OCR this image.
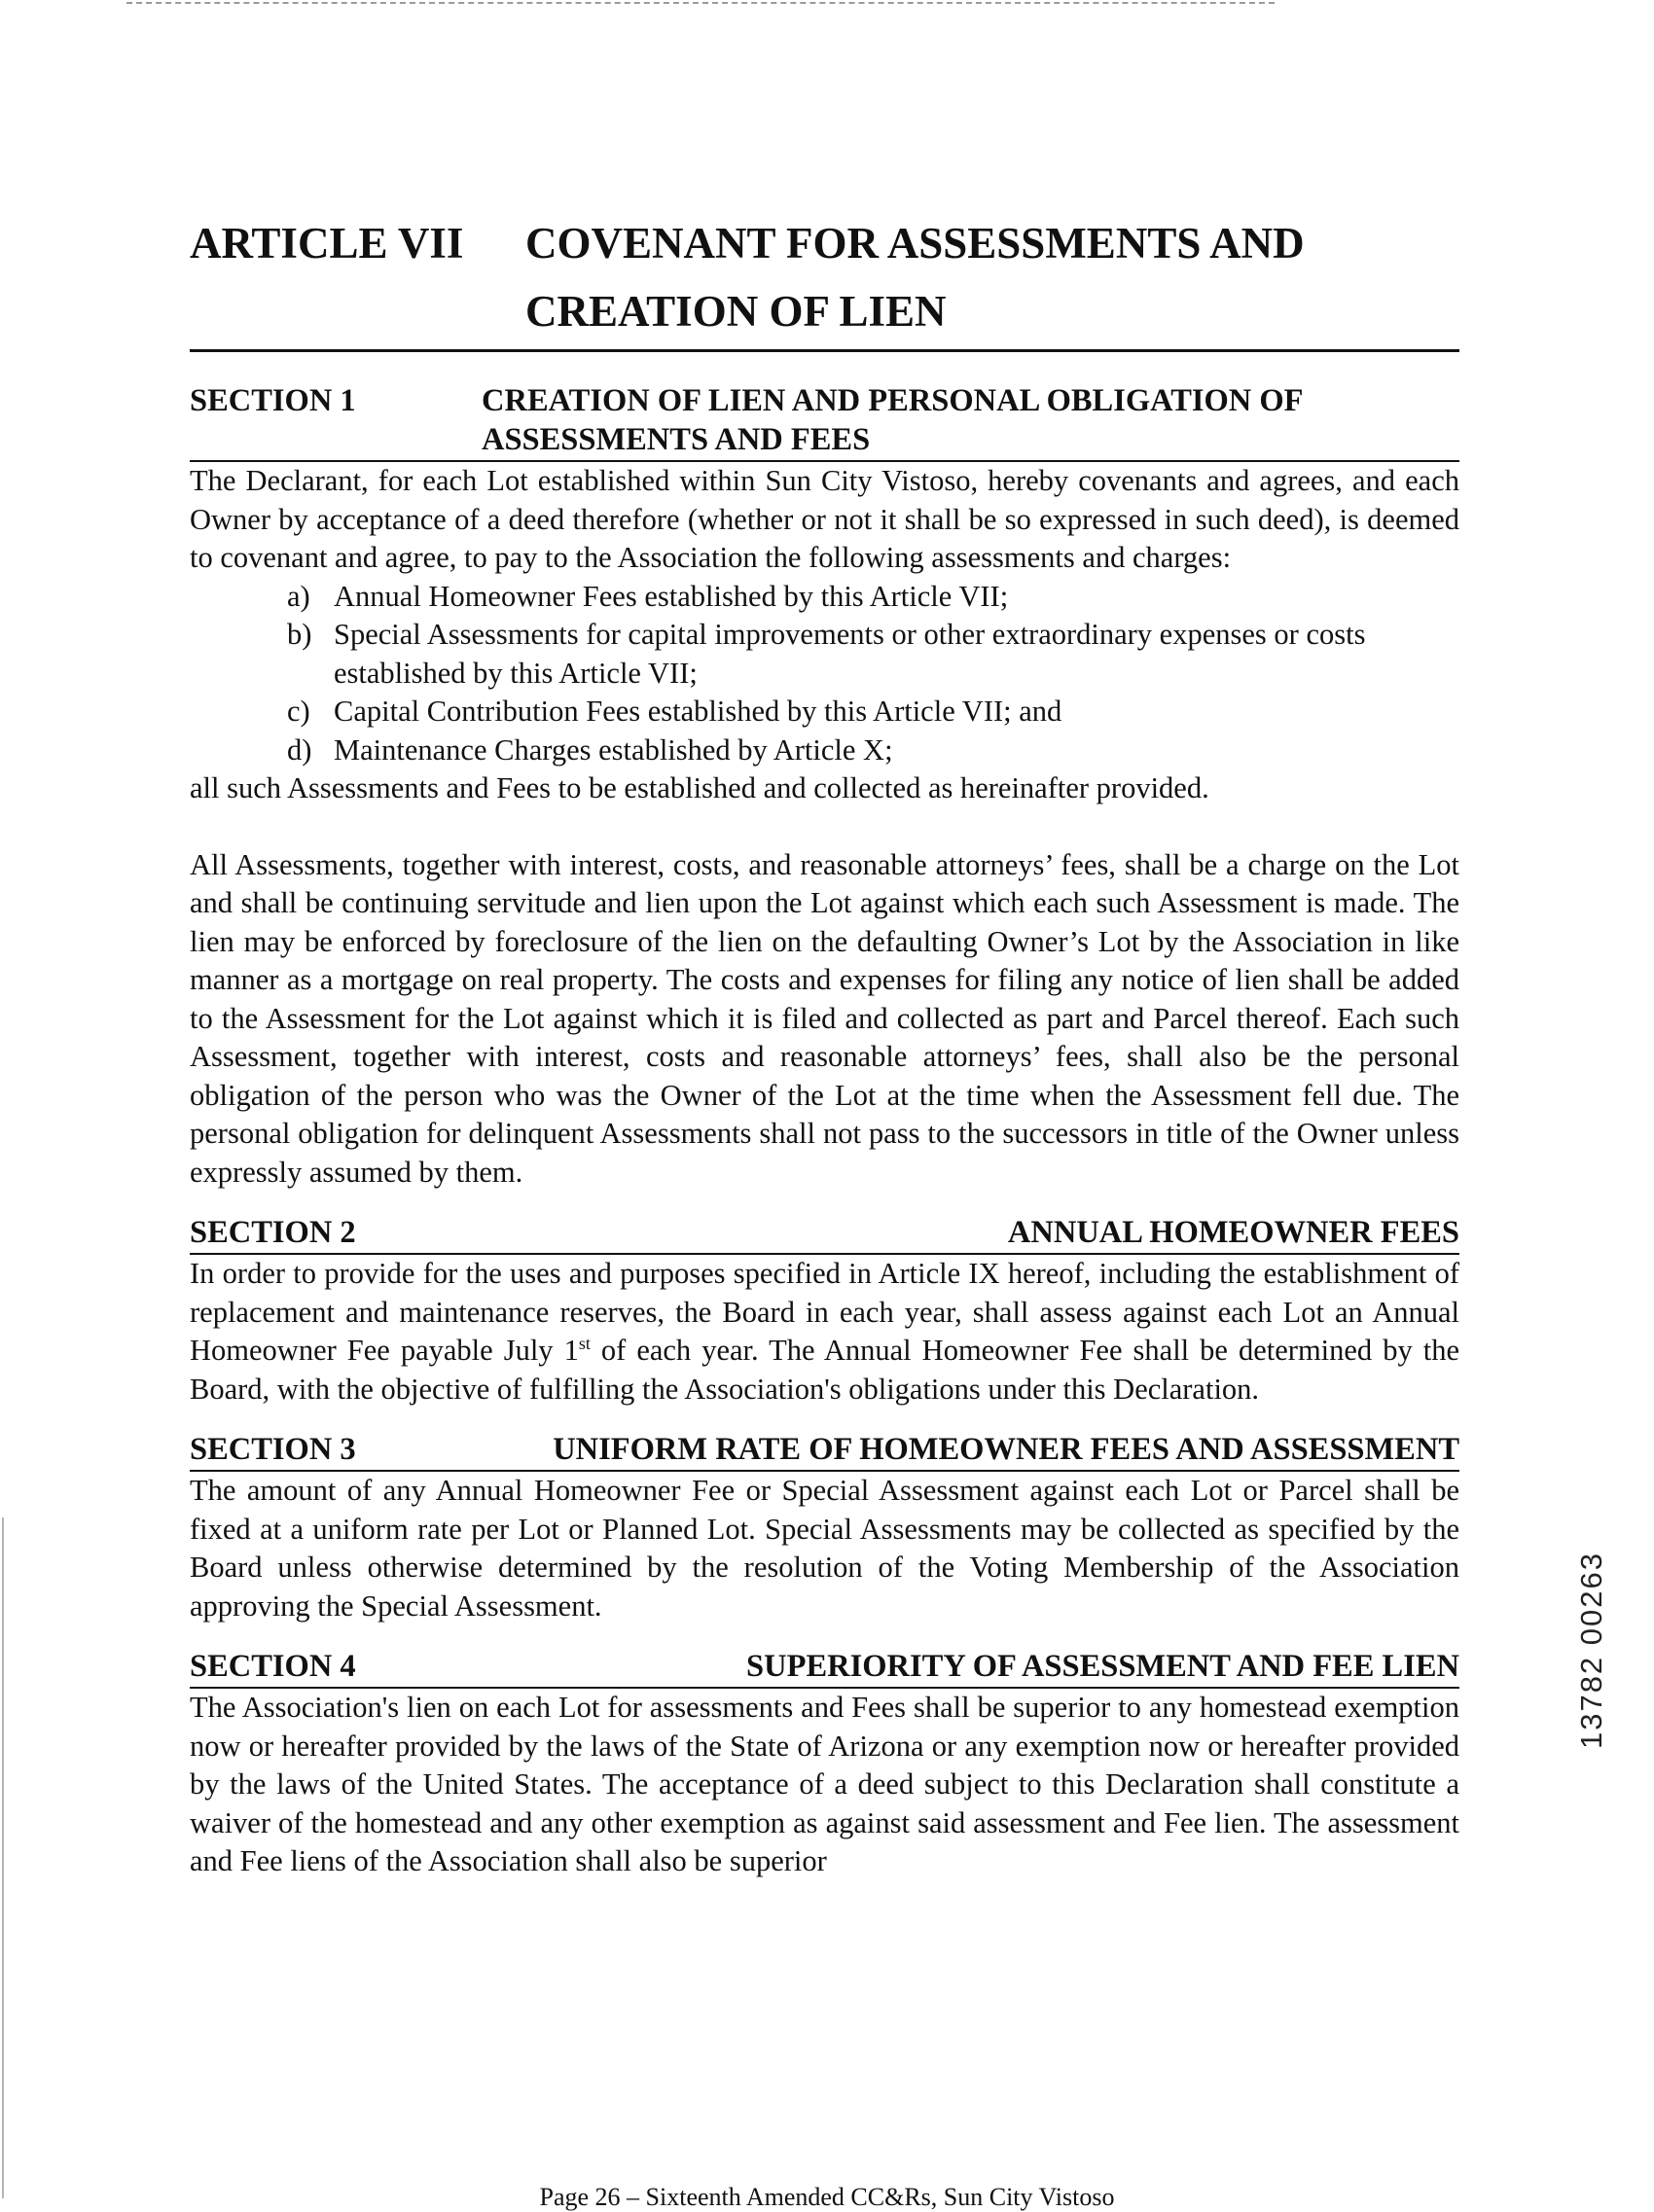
ARTICLE VII	COVENANT FOR ASSESSMENTS AND
CREATION OF LIEN
SECTION 1	CREATION OF LIEN AND PERSONAL OBLIGATION OF
ASSESSMENTS AND FEES

The Declarant, for each Lot established within Sun City Vistoso, hereby covenants and agrees, and each Owner by acceptance of a deed therefore (whether or not it shall be so expressed in such deed), is deemed to covenant and agree, to pay to the Association the following assessments and charges:

a) Annual Homeowner Fees established by this Article VII;
b) Special Assessments for capital improvements or other extraordinary expenses or costs established by this Article VII;
c) Capital Contribution Fees established by this Article VII; and
d) Maintenance Charges established by Article X;

all such Assessments and Fees to be established and collected as hereinafter provided.

All Assessments, together with interest, costs, and reasonable attorneys’ fees, shall be a charge on the Lot and shall be continuing servitude and lien upon the Lot against which each such Assessment is made. The lien may be enforced by foreclosure of the lien on the defaulting Owner’s Lot by the Association in like manner as a mortgage on real property. The costs and expenses for filing any notice of lien shall be added to the Assessment for the Lot against which it is filed and collected as part and Parcel thereof. Each such Assessment, together with interest, costs and reasonable attorneys’ fees, shall also be the personal obligation of the person who was the Owner of the Lot at the time when the Assessment fell due. The personal obligation for delinquent Assessments shall not pass to the successors in title of the Owner unless expressly assumed by them.

SECTION 2	ANNUAL HOMEOWNER FEES

In order to provide for the uses and purposes specified in Article IX hereof, including the establishment of replacement and maintenance reserves, the Board in each year, shall assess against each Lot an Annual Homeowner Fee payable July 1st of each year. The Annual Homeowner Fee shall be determined by the Board, with the objective of fulfilling the Association's obligations under this Declaration.

SECTION 3	UNIFORM RATE OF HOMEOWNER FEES AND ASSESSMENT

The amount of any Annual Homeowner Fee or Special Assessment against each Lot or Parcel shall be fixed at a uniform rate per Lot or Planned Lot. Special Assessments may be collected as specified by the Board unless otherwise determined by the resolution of the Voting Membership of the Association approving the Special Assessment.

SECTION 4	SUPERIORITY OF ASSESSMENT AND FEE LIEN

The Association's lien on each Lot for assessments and Fees shall be superior to any homestead exemption now or hereafter provided by the laws of the State of Arizona or any exemption now or hereafter provided by the laws of the United States. The acceptance of a deed subject to this Declaration shall constitute a waiver of the homestead and any other exemption as against said assessment and Fee lien. The assessment and Fee liens of the Association shall also be superior

13782 00263
Page 26 – Sixteenth Amended CC&Rs, Sun City Vistoso
